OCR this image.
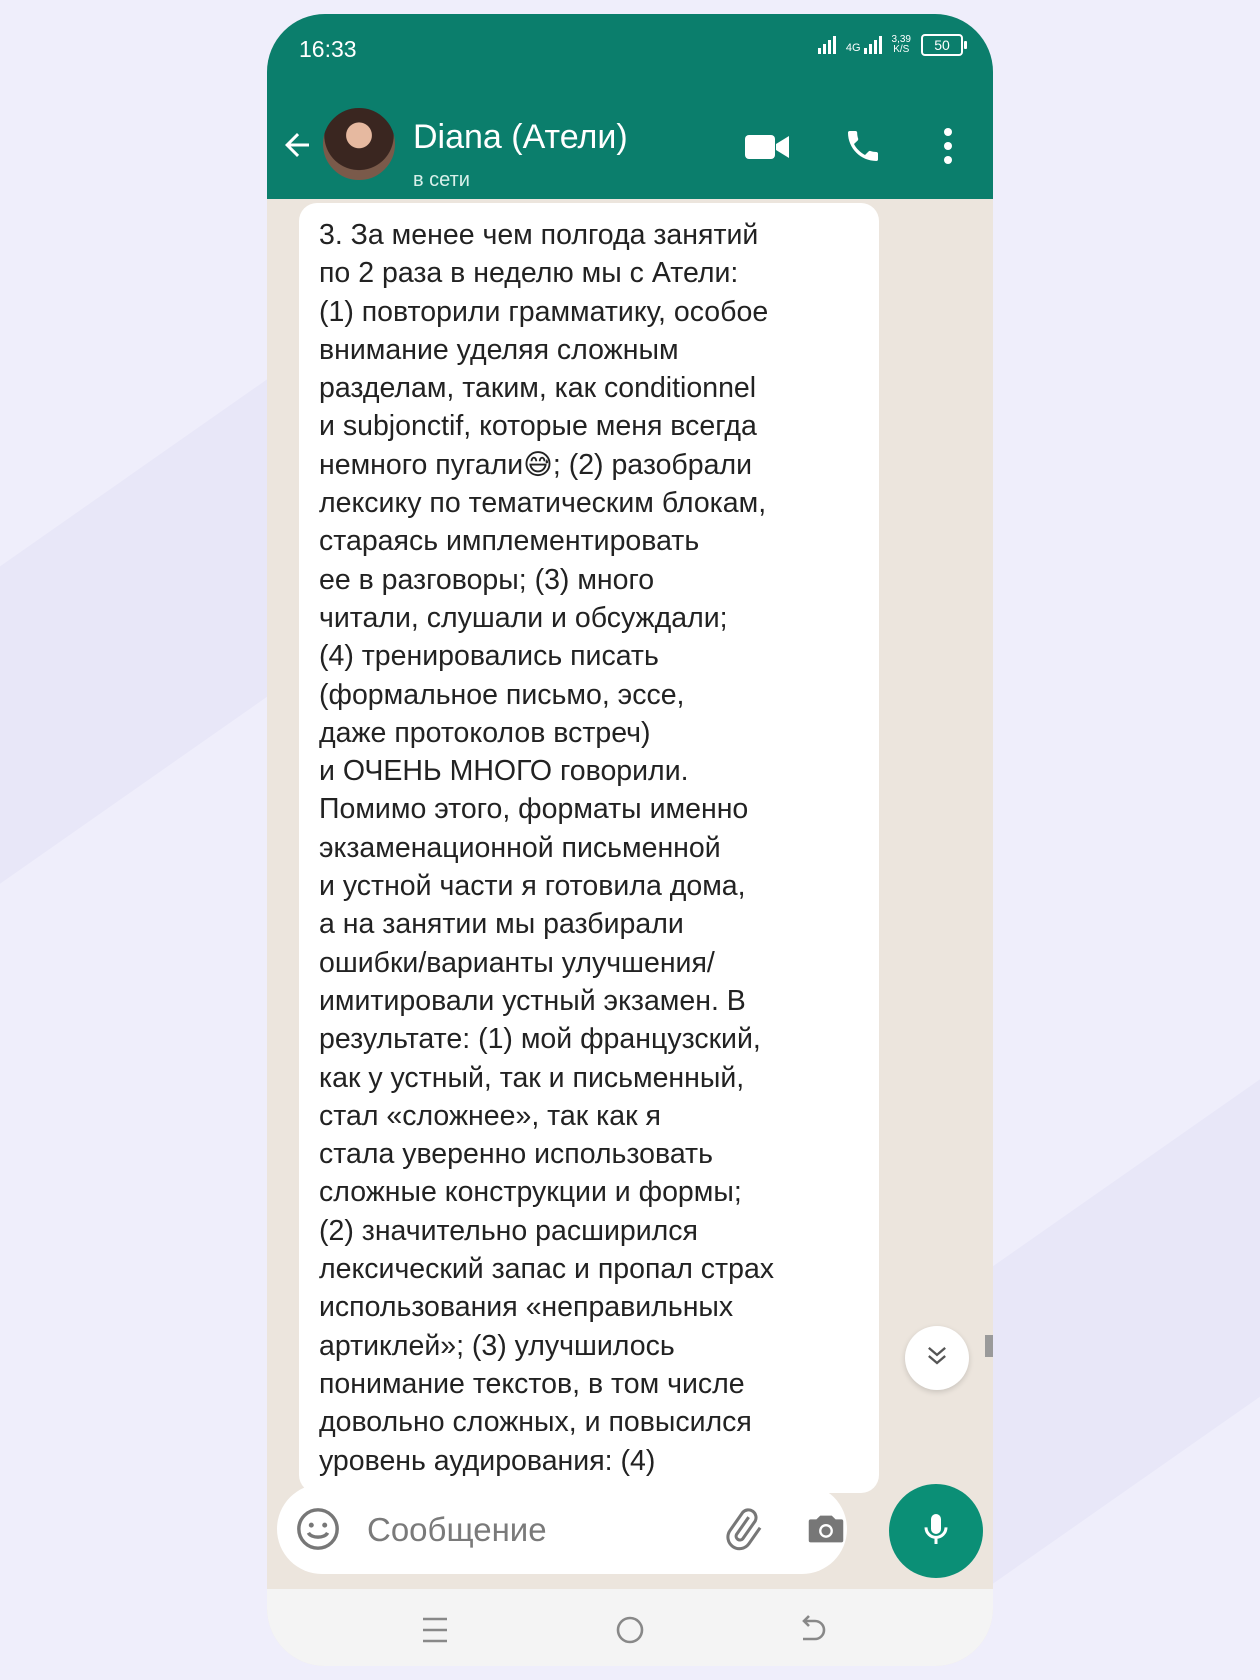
16:33	4G
3,39
K/S	50
Diana (Атели)
в сети

3. За менее чем полгода занятий
по 2 раза в неделю мы с Атели:
(1) повторили грамматику, особое
внимание уделяя сложным
разделам, таким, как conditionnel
и subjonctif, которые меня всегда
немного пугали😅; (2) разобрали
лексику по тематическим блокам,
стараясь имплементировать
ее в разговоры; (3) много
читали, слушали и обсуждали;
(4) тренировались писать
(формальное письмо, эссе,
даже протоколов встреч)
и ОЧЕНЬ МНОГО говорили.
Помимо этого, форматы именно
экзаменационной письменной
и устной части я готовила дома,
а на занятии мы разбирали
ошибки/варианты улучшения/
имитировали устный экзамен. В
результате: (1) мой французский,
как у устный, так и письменный,
стал «сложнее», так как я
стала уверенно использовать
сложные конструкции и формы;
(2) значительно расширился
лексический запас и пропал страх
использования «неправильных
артиклей»; (3) улучшилось
понимание текстов, в том числе
довольно сложных, и повысился
уровень аудирования: (4)

Сообщение
